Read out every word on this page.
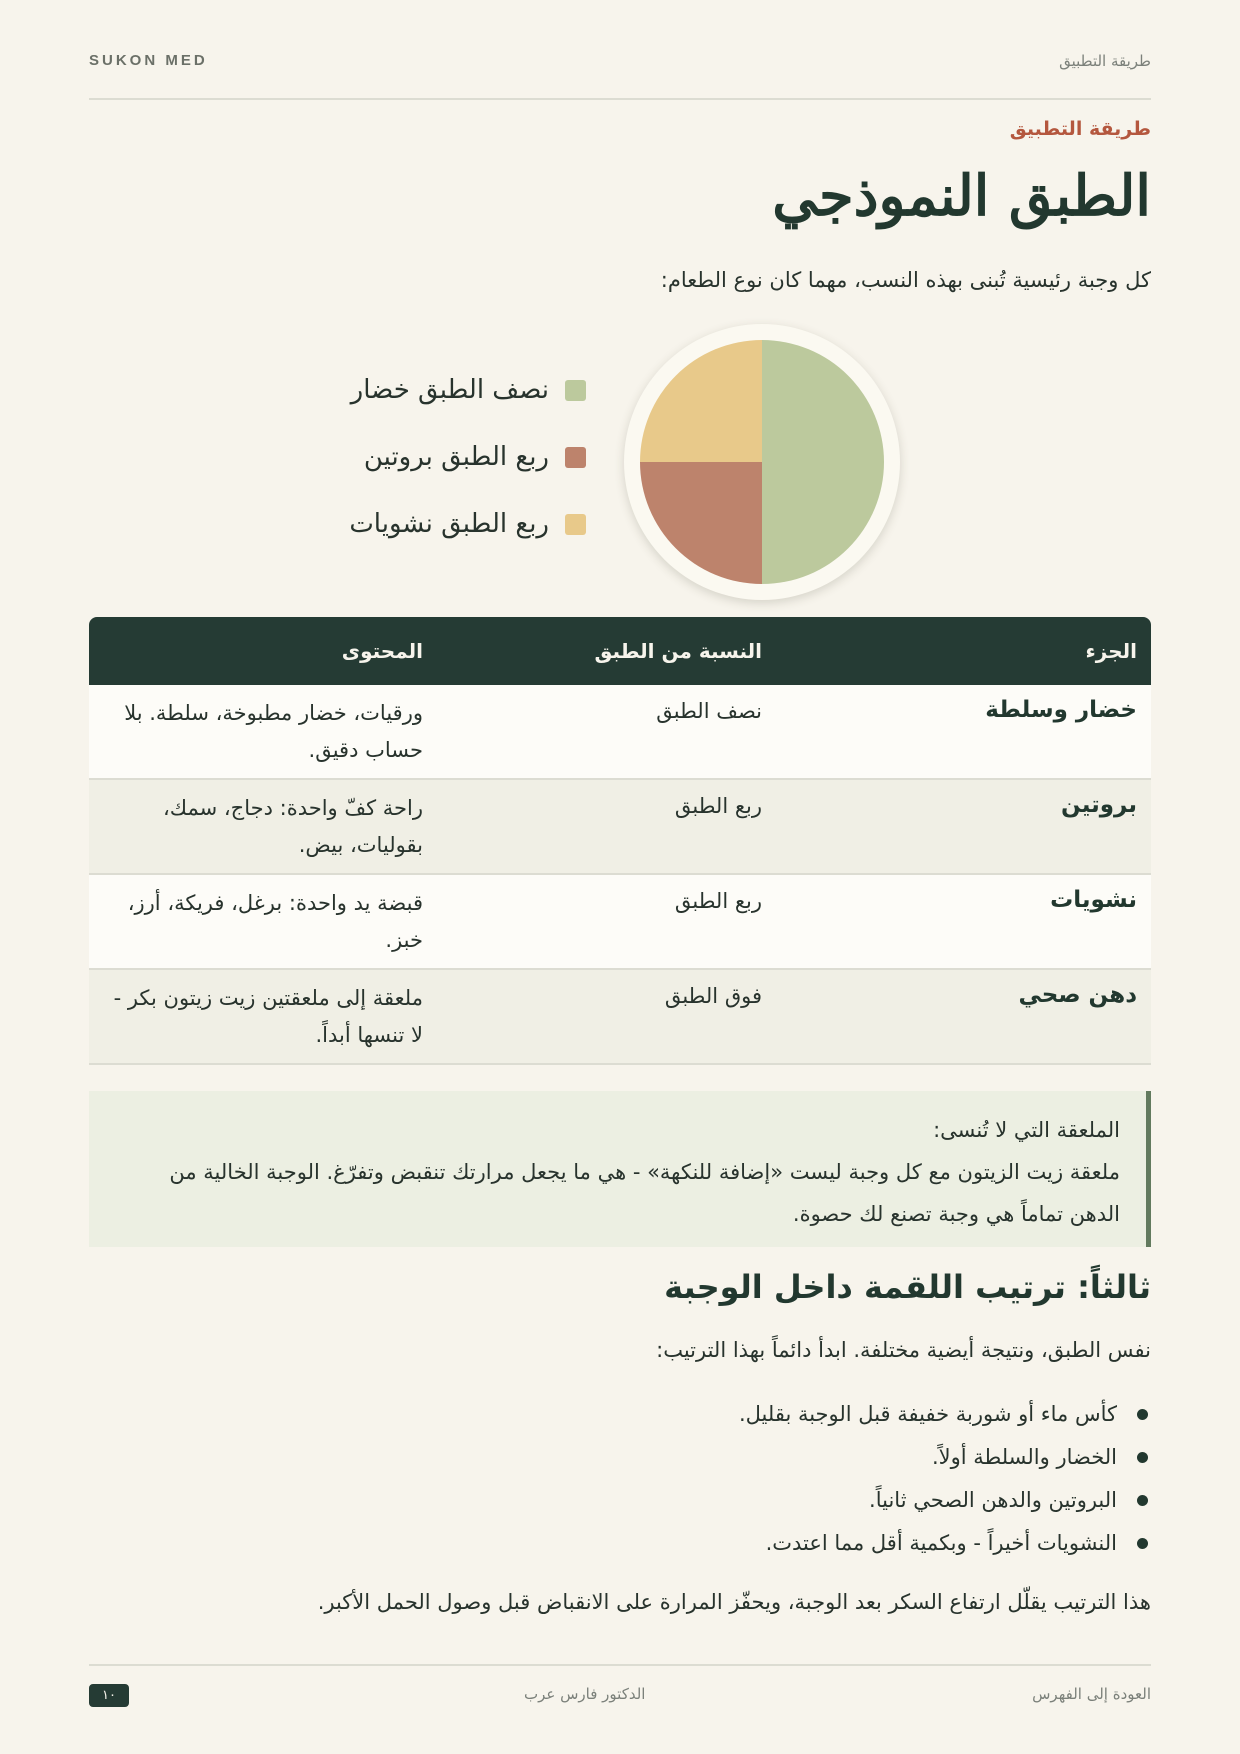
SUKON MED	طريقة التطبيق
طريقة التطبيق
الطبق النموذجي
كل وجبة رئيسية تُبنى بهذه النسب، مهما كان نوع الطعام:
نصف الطبق خضار
ربع الطبق بروتين
ربع الطبق نشويات
الجزء
النسبة من الطبق
المحتوى
خضار وسلطة
نصف الطبق
ورقيات، خضار مطبوخة، سلطة. بلا حساب دقيق.
بروتين
ربع الطبق
راحة كفّ واحدة: دجاج، سمك، بقوليات، بيض.
نشويات
ربع الطبق
قبضة يد واحدة: برغل، فريكة، أرز، خبز.
دهن صحي
فوق الطبق
ملعقة إلى ملعقتين زيت زيتون بكر - لا تنسها أبداً.
الملعقة التي لا تُنسى:
ملعقة زيت الزيتون مع كل وجبة ليست «إضافة للنكهة» - هي ما يجعل مرارتك تنقبض وتفرّغ. الوجبة الخالية من الدهن تماماً هي وجبة تصنع لك حصوة.
ثالثاً: ترتيب اللقمة داخل الوجبة
نفس الطبق، ونتيجة أيضية مختلفة. ابدأ دائماً بهذا الترتيب:
كأس ماء أو شوربة خفيفة قبل الوجبة بقليل.
الخضار والسلطة أولاً.
البروتين والدهن الصحي ثانياً.
النشويات أخيراً - وبكمية أقل مما اعتدت.
هذا الترتيب يقلّل ارتفاع السكر بعد الوجبة، ويحفّز المرارة على الانقباض قبل وصول الحمل الأكبر.
العودة إلى الفهرس
الدكتور فارس عرب
١٠
